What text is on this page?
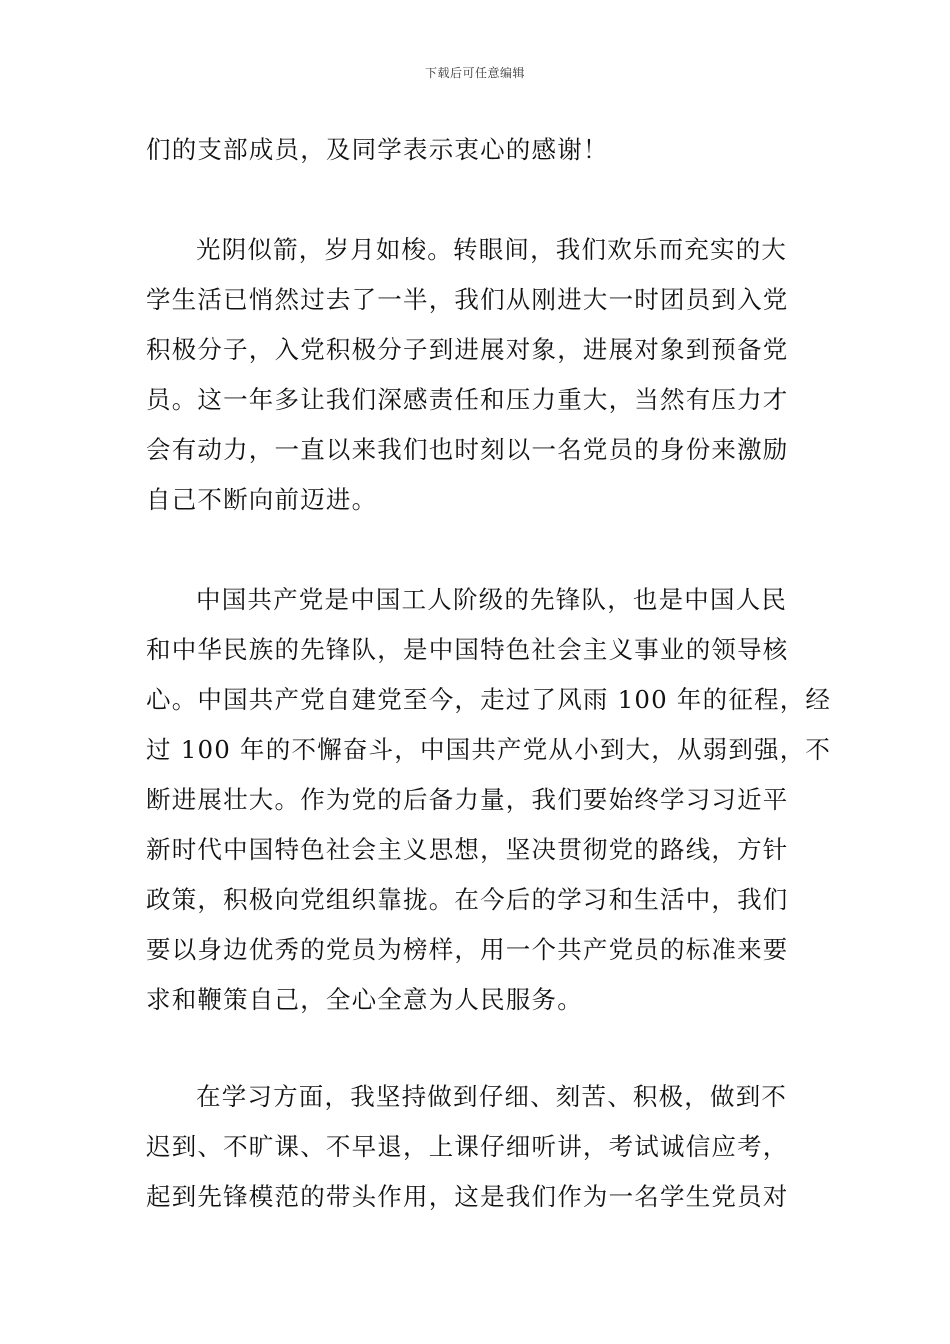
下载后可任意编辑
们的支部成员，及同学表示衷心的感谢！
光阴似箭，岁月如梭。转眼间，我们欢乐而充实的大
学生活已悄然过去了一半，我们从刚进大一时团员到入党
积极分子，入党积极分子到进展对象，进展对象到预备党
员。这一年多让我们深感责任和压力重大，当然有压力才
会有动力，一直以来我们也时刻以一名党员的身份来激励
自己不断向前迈进。
中国共产党是中国工人阶级的先锋队，也是中国人民
和中华民族的先锋队，是中国特色社会主义事业的领导核
心。中国共产党自建党至今，走过了风雨 100 年的征程，经
过 100 年的不懈奋斗，中国共产党从小到大，从弱到强，不
断进展壮大。作为党的后备力量，我们要始终学习习近平
新时代中国特色社会主义思想，坚决贯彻党的路线，方针
政策，积极向党组织靠拢。在今后的学习和生活中，我们
要以身边优秀的党员为榜样，用一个共产党员的标准来要
求和鞭策自己，全心全意为人民服务。
在学习方面，我坚持做到仔细、刻苦、积极，做到不
迟到、不旷课、不早退，上课仔细听讲，考试诚信应考，
起到先锋模范的带头作用，这是我们作为一名学生党员对
